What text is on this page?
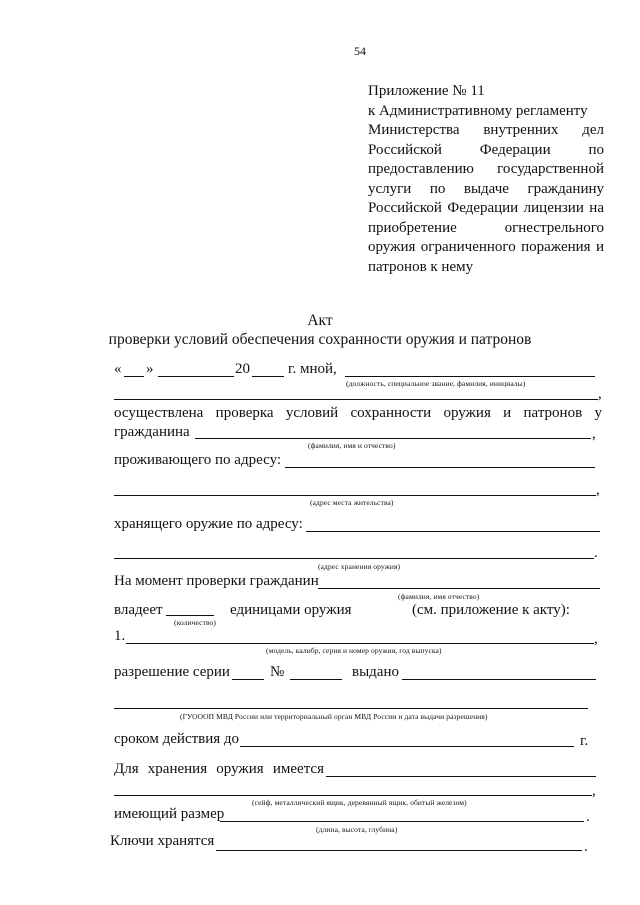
54
Приложение № 11
к Административному регламенту
Министерства внутренних дел
Российской Федерации по
предоставлению государственной
услуги по выдаче гражданину
Российской Федерации лицензии на
приобретение огнестрельного
оружия ограниченного поражения и
патронов к нему
Акт
проверки условий обеспечения сохранности оружия и патронов
« »	20	г. мной,
(должность, специальное звание, фамилия, инициалы)
,
осуществлена проверка условий сохранности оружия и патронов у
гражданина	,
(фамилия, имя и отчество)
проживающего по адресу:
,
(адрес места жительства)
хранящего оружие по адресу:
.
(адрес хранения оружия)
На момент проверки гражданин
(фамилия, имя отчество)
владеет	единицами оружия	(см. приложение к акту):
(количество)
1.	,
(модель, калибр, серия и номер оружия, год выпуска)
разрешение серии	№	выдано
(ГУОООП МВД России или территориальный орган МВД России и дата выдачи разрешения)
сроком действия до	г.
Для хранения оружия имеется
,
(сейф, металлический ящик, деревянный ящик, обитый железом)
имеющий размер	.
(длина, высота, глубина)
Ключи хранятся	.
